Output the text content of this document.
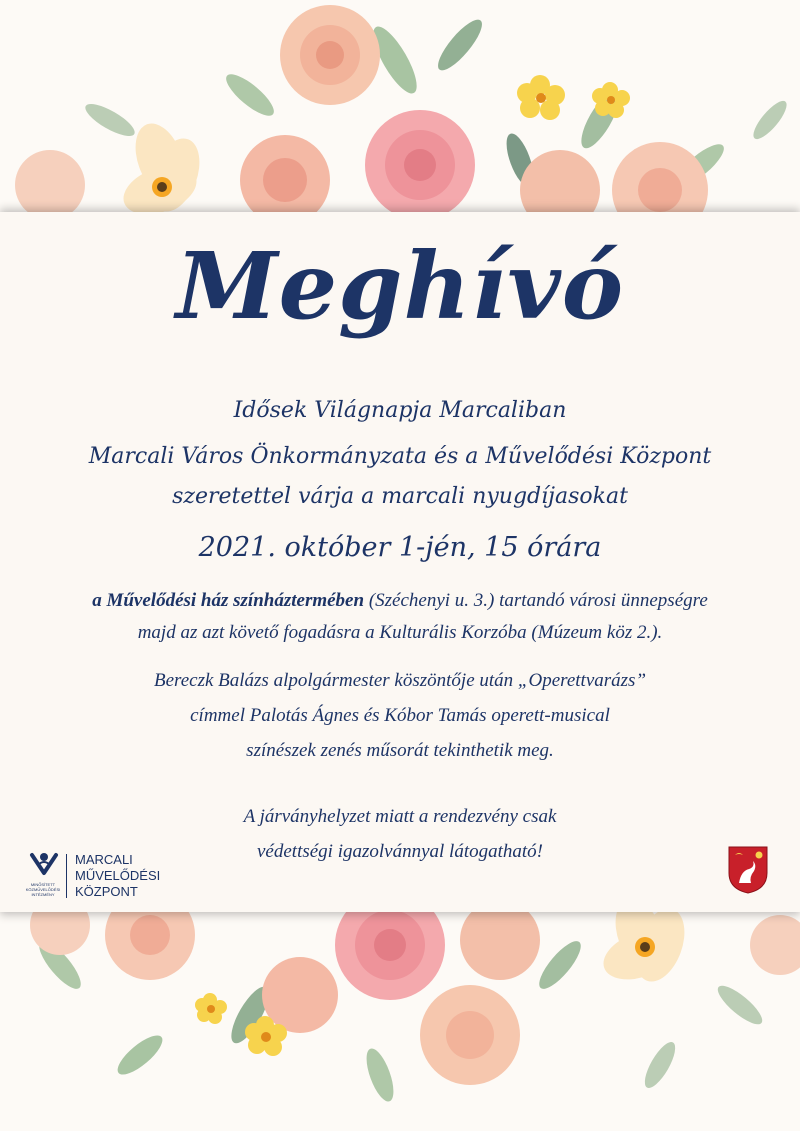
Meghívó
Idősek Világnapja Marcaliban
Marcali Város Önkormányzata és a Művelődési Központ
szeretettel várja a marcali nyugdíjasokat
2021. október 1-jén, 15 órára
a Művelődési ház színháztermében (Széchenyi u. 3.) tartandó városi ünnepségre
majd az azt követő fogadásra a Kulturális Korzóba (Múzeum köz 2.).
Bereczk Balázs alpolgármester köszöntője után „Operettvarázs”
címmel Palotás Ágnes és Kóbor Tamás operett-musical
színészek zenés műsorát tekinthetik meg.
A járványhelyzet miatt a rendezvény csak
védettségi igazolvánnyal látogatható!
MINŐSÍTETT
KÖZMŰVELŐDÉSI
INTÉZMÉNY
MARCALI
MŰVELŐDÉSI
KÖZPONT
